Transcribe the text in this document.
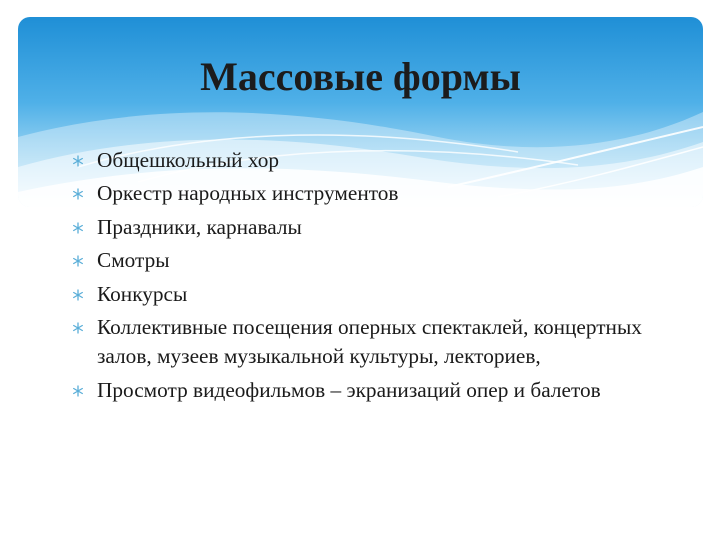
Массовые формы
Общешкольный хор
Оркестр народных инструментов
Праздники, карнавалы
Смотры
Конкурсы
Коллективные посещения оперных спектаклей, концертных залов, музеев музыкальной культуры, лекториев,
Просмотр видеофильмов – экранизаций опер и балетов
